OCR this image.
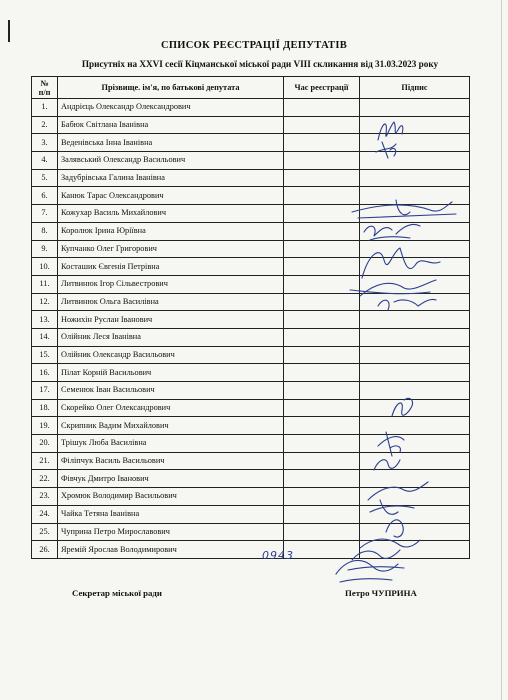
СПИСОК РЕЄСТРАЦІЇ ДЕПУТАТІВ
Присутніх на XXVI сесії Кіцманської міської ради VIII скликання від 31.03.2023 року
№
п/п	Прізвище. ім'я, по батькові депутата	Час реєстрації	Підпис
1.	Андрієць Олександр Олександрович		
2.	Бабюк Світлана Іванівна		
3.	Веденівська Інна Іванівна		
4.	Залявський Олександр Васильович		
5.	Задубрівська Галина Іванівна		
6.	Канюк Тарас Олександрович		
7.	Кожухар Василь Михайлович		
8.	Королюк Ірина Юріївна		
9.	Купчанко Олег Григорович		
10.	Косташик Євгенія Петрівна		
11.	Литвинюк Ігор Сільвестрович		
12.	Литвинюк Ольга Василівна		
13.	Ножихін Руслан Іванович		
14.	Олійник Леся Іванівна		
15.	Олійник Олександр Васильович		
16.	Пілат Корній Васильович		
17.	Семенюк Іван Васильович		
18.	Скорейко Олег Олександрович		
19.	Скрипник Вадим Михайлович		
20.	Трішук Люба Василівна		
21.	Філіпчук Василь Васильович		
22.	Фівчук Дмитро Іванович		
23.	Хромюк Володимир Васильович		
24.	Чайка Тетяна Іванівна		
25.	Чуприна Петро Мирославович		
26.	Яремій Ярослав Володимирович		
Секретар міської ради	Петро ЧУПРИНА
0943
